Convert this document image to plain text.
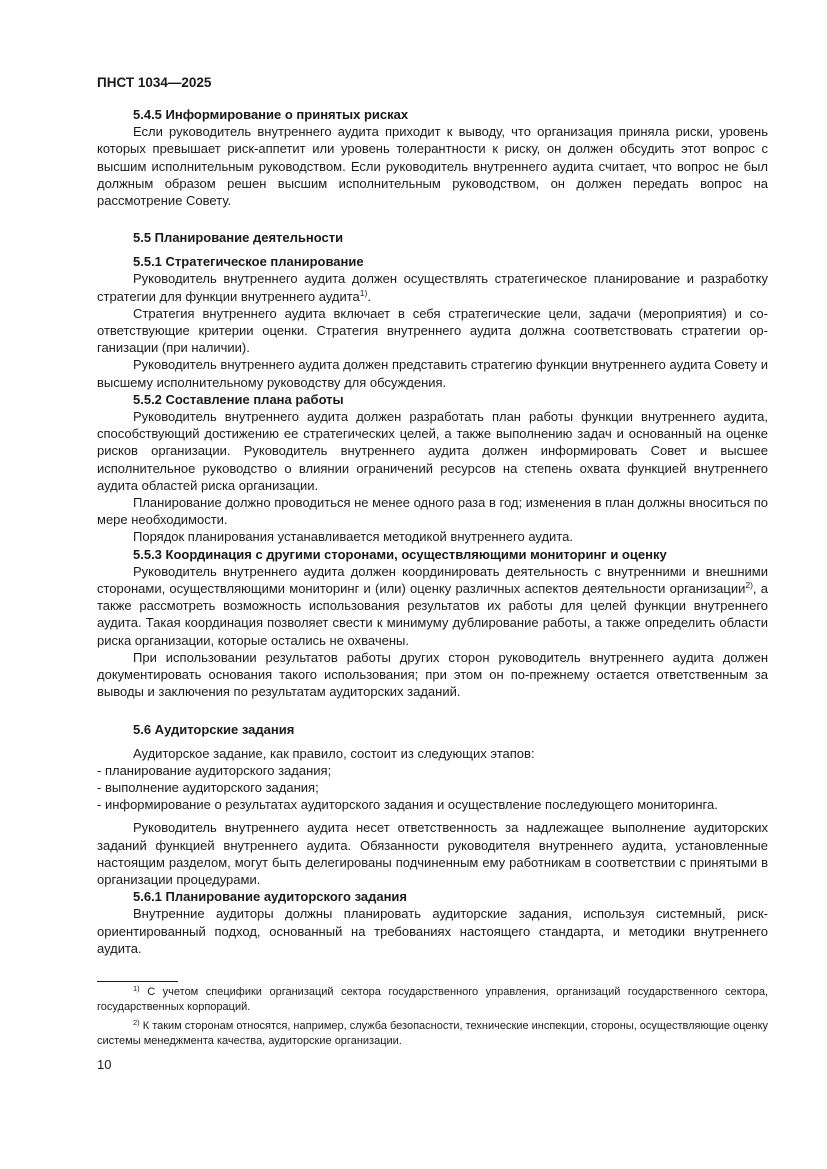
ПНСТ 1034—2025
5.4.5 Информирование о принятых рисках

Если руководитель внутреннего аудита приходит к выводу, что организация приняла риски, уровень которых превышает риск-аппетит или уровень толерантности к риску, он должен обсудить этот вопрос с высшим исполнительным руководством. Если руководитель внутреннего аудита считает, что вопрос не был должным образом решен высшим исполнительным руководством, он должен передать вопрос на рассмотрение Совету.

5.5 Планирование деятельности
5.5.1 Стратегическое планирование

Руководитель внутреннего аудита должен осуществлять стратегическое планирование и разработку стратегии для функции внутреннего аудита$^{1)}$.

Стратегия внутреннего аудита включает в себя стратегические цели, задачи (мероприятия) и соответствующие критерии оценки. Стратегия внутреннего аудита должна соответствовать стратегии организации (при наличии).

Руководитель внутреннего аудита должен представить стратегию функции внутреннего аудита Совету и высшему исполнительному руководству для обсуждения.

5.5.2 Составление плана работы

Руководитель внутреннего аудита должен разработать план работы функции внутреннего аудита, способствующий достижению ее стратегических целей, а также выполнению задач и основанный на оценке рисков организации. Руководитель внутреннего аудита должен информировать Совет и высшее исполнительное руководство о влиянии ограничений ресурсов на степень охвата функцией внутреннего аудита областей риска организации.

Планирование должно проводиться не менее одного раза в год; изменения в план должны вноситься по мере необходимости.

Порядок планирования устанавливается методикой внутреннего аудита.

5.5.3 Координация с другими сторонами, осуществляющими мониторинг и оценку

Руководитель внутреннего аудита должен координировать деятельность с внутренними и внешними сторонами, осуществляющими мониторинг и (или) оценку различных аспектов деятельности организации$^{2)}$, а также рассмотреть возможность использования результатов их работы для целей функции внутреннего аудита. Такая координация позволяет свести к минимуму дублирование работы, а также определить области риска организации, которые остались не охвачены.

При использовании результатов работы других сторон руководитель внутреннего аудита должен документировать основания такого использования; при этом он по-прежнему остается ответственным за выводы и заключения по результатам аудиторских заданий.

5.6 Аудиторские задания

Аудиторское задание, как правило, состоит из следующих этапов:

- планирование аудиторского задания;

- выполнение аудиторского задания;

- информирование о результатах аудиторского задания и осуществление последующего мониторинга.

Руководитель внутреннего аудита несет ответственность за надлежащее выполнение аудиторских заданий функцией внутреннего аудита. Обязанности руководителя внутреннего аудита, установленные настоящим разделом, могут быть делегированы подчиненным ему работникам в соответствии с принятыми в организации процедурами.

5.6.1 Планирование аудиторского задания

Внутренние аудиторы должны планировать аудиторские задания, используя системный, риск-ориентированный подход, основанный на требованиях настоящего стандарта, и методики внутреннего аудита.

$^{1)}$ С учетом специфики организаций сектора государственного управления, организаций государственного сектора, государственных корпораций.

$^{2)}$ К таким сторонам относятся, например, служба безопасности, технические инспекции, стороны, осуществляющие оценку системы менеджмента качества, аудиторские организации.

10
